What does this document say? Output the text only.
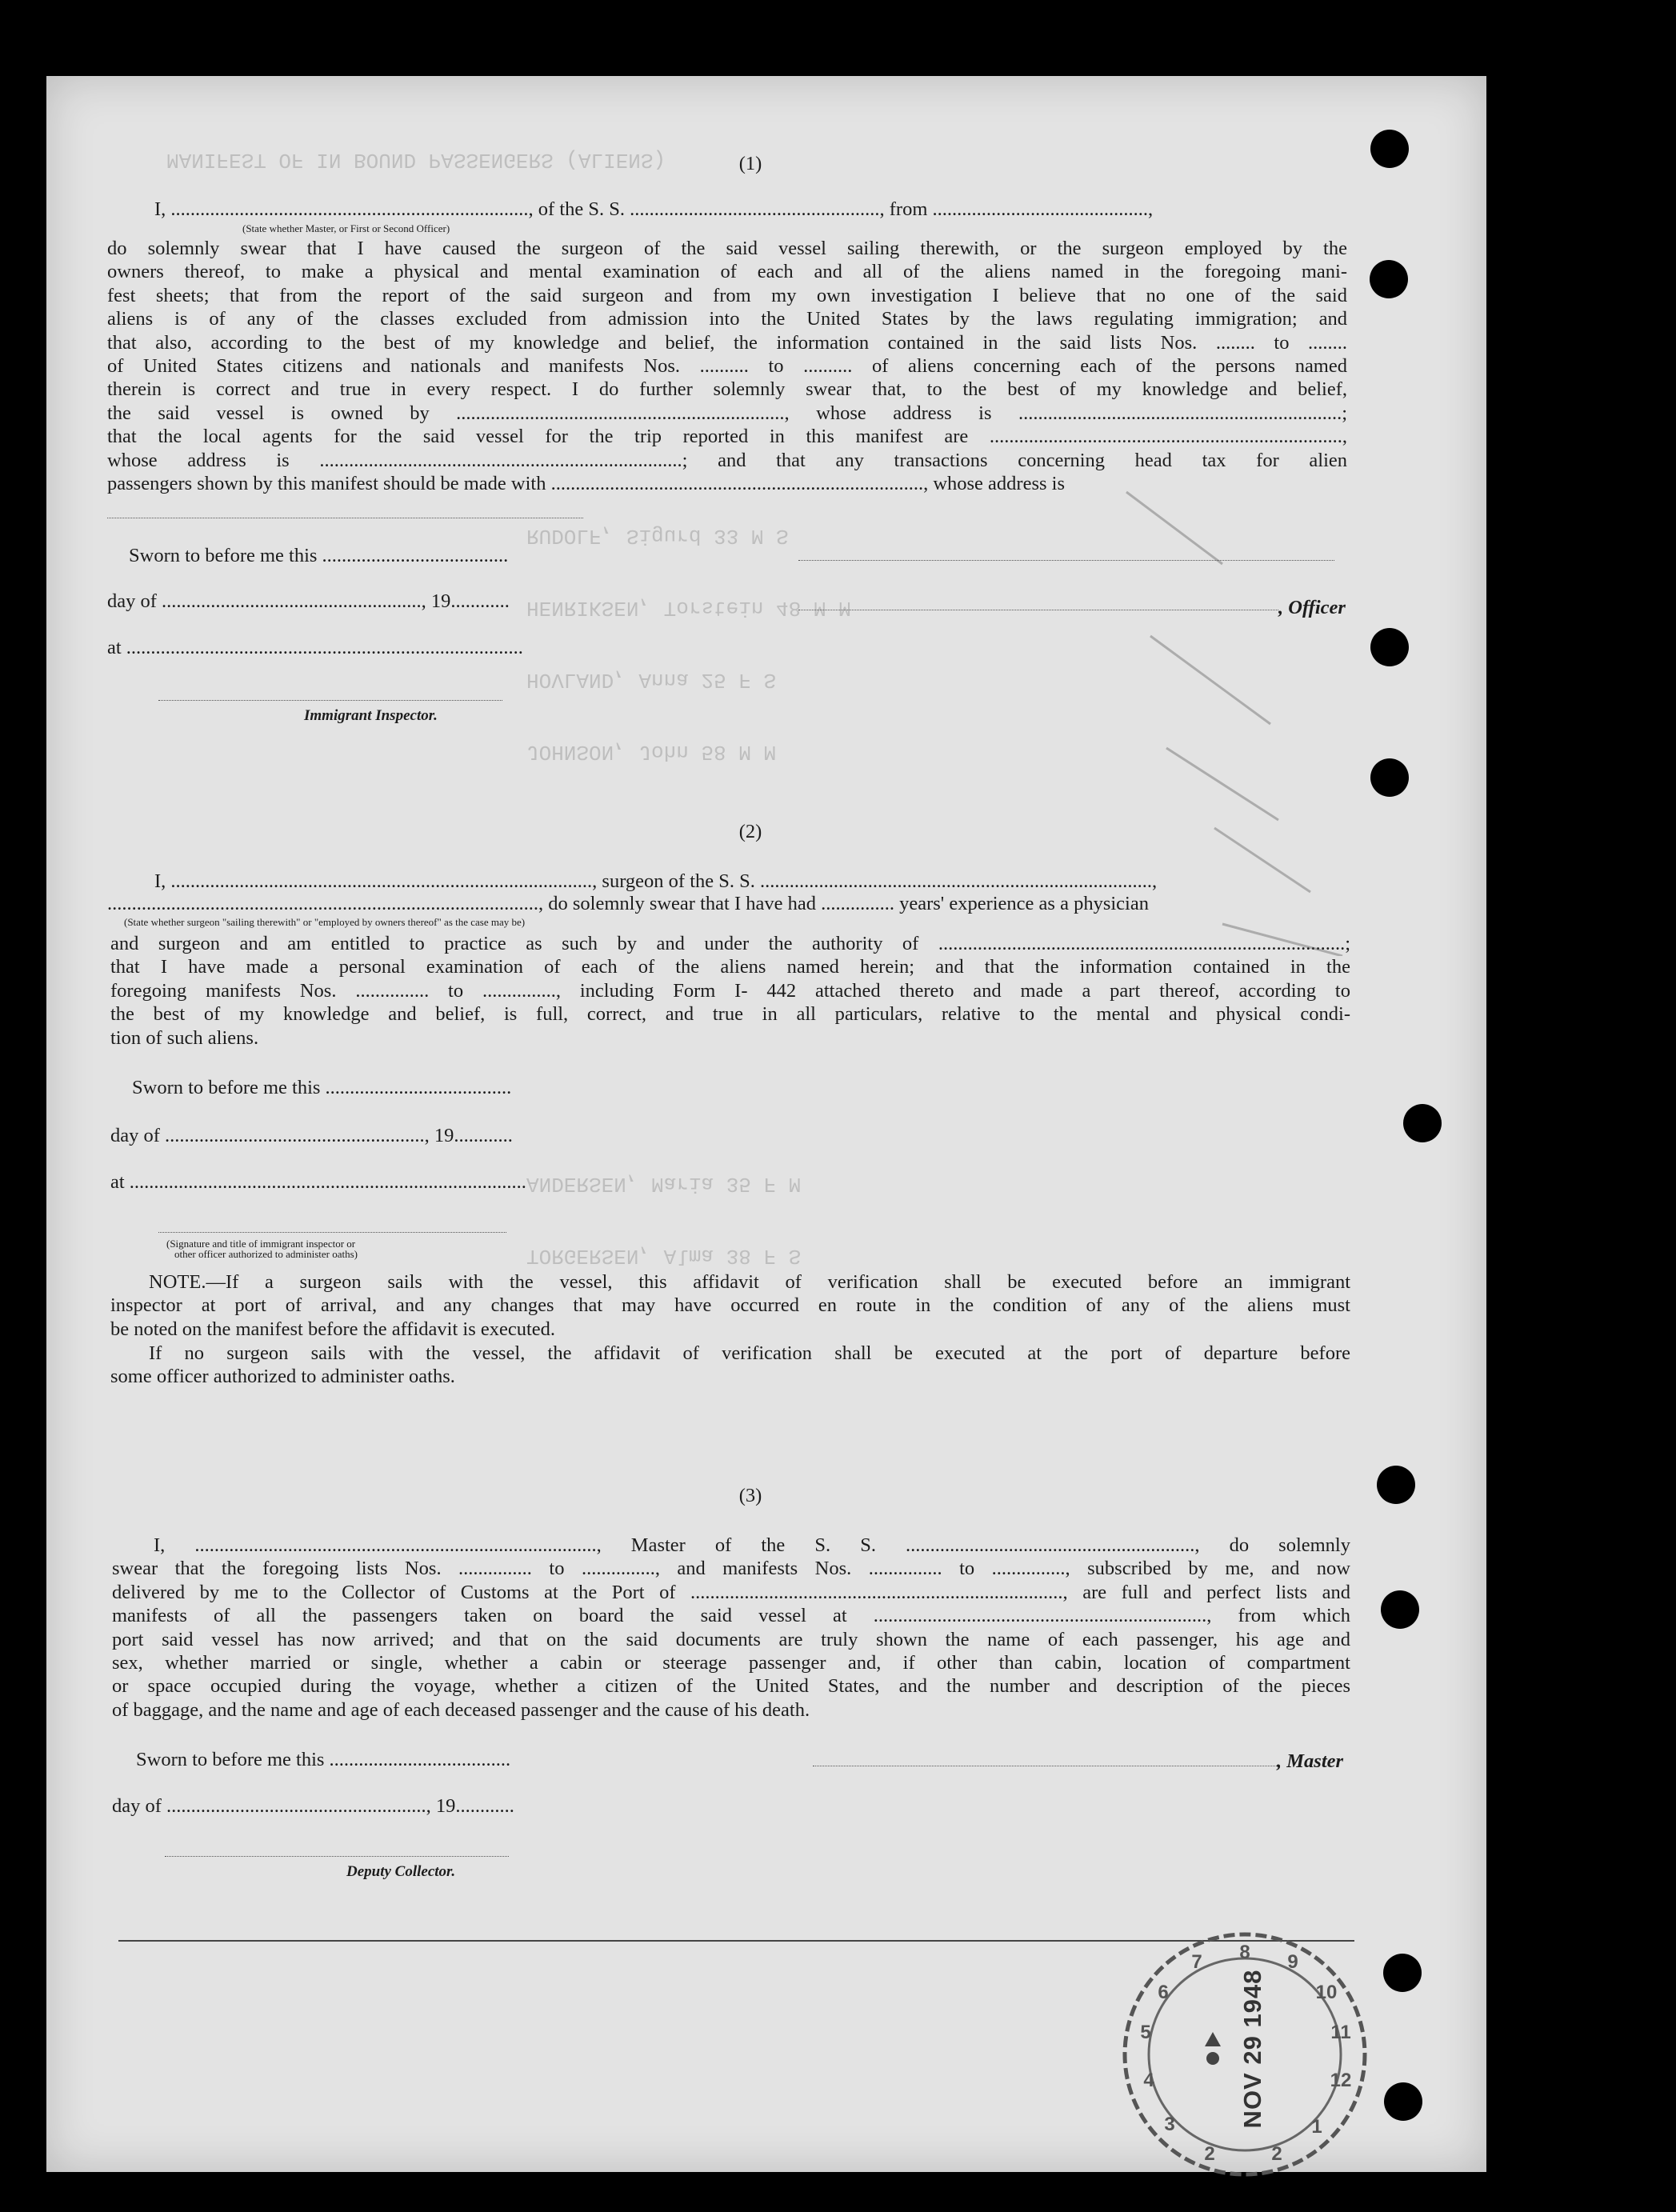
MANIFEST OF IN BOUND PASSENGERS (ALIENS)
RUDOLF, Sigurd 33 M S
HENRIKSEN, Torstein 48 M M
HOVLAND, Anna 25 F S
JOHNSON, John 58 M M
ANDERSEN, Maria 35 F M
TORGERSEN, Alma 38 F S
(1)
I, ........................................................................., of the S. S. ..................................................., from ............................................,
(State whether Master, or First or Second Officer)

do solemnly swear that I have caused the surgeon of the said vessel sailing therewith, or the surgeon employed by the

owners thereof, to make a physical and mental examination of each and all of the aliens named in the foregoing mani-

fest sheets; that from the report of the said surgeon and from my own investigation I believe that no one of the said

aliens is of any of the classes excluded from admission into the United States by the laws regulating immigration; and

that also, according to the best of my knowledge and belief, the information contained in the said lists Nos. ........ to ........

of United States citizens and nationals and manifests Nos. .......... to .......... of aliens concerning each of the persons named

therein is correct and true in every respect. I do further solemnly swear that, to the best of my knowledge and belief,

the said vessel is owned by ..................................................................., whose address is ..................................................................;

that the local agents for the said vessel for the trip reported in this manifest are ........................................................................,

whose address is ..........................................................................; and that any transactions concerning head tax for alien

passengers shown by this manifest should be made with ............................................................................, whose address is

Sworn to before me this ......................................
day of ....................................................., 19............	, Officer
at .................................................................................
Immigrant Inspector.
(2)
I, ......................................................................................, surgeon of the S. S. ................................................................................,
........................................................................................, do solemnly swear that I have had ............... years' experience as a physician
(State whether surgeon "sailing therewith" or "employed by owners thereof" as the case may be)

and surgeon and am entitled to practice as such by and under the authority of ...................................................................................;

that I have made a personal examination of each of the aliens named herein; and that the information contained in the

foregoing manifests Nos. ............... to ..............., including Form I- 442 attached thereto and made a part thereof, according to

the best of my knowledge and belief, is full, correct, and true in all particulars, relative to the mental and physical condi-

tion of such aliens.

Sworn to before me this ......................................
day of ....................................................., 19............
at .................................................................................
(Signature and title of immigrant inspector or
other officer authorized to administer oaths)

NOTE.—If a surgeon sails with the vessel, this affidavit of verification shall be executed before an immigrant

inspector at port of arrival, and any changes that may have occurred en route in the condition of any of the aliens must

be noted on the manifest before the affidavit is executed.

If no surgeon sails with the vessel, the affidavit of verification shall be executed at the port of departure before

some officer authorized to administer oaths.

(3)

I, .................................................................................., Master of the S. S. ..........................................................., do solemnly

swear that the foregoing lists Nos. ............... to ..............., and manifests Nos. ............... to ..............., subscribed by me, and now

delivered by me to the Collector of Customs at the Port of ............................................................................, are full and perfect lists and

manifests of all the passengers taken on board the said vessel at ...................................................................., from which

port said vessel has now arrived; and that on the said documents are truly shown the name of each passenger, his age and

sex, whether married or single, whether a cabin or steerage passenger and, if other than cabin, location of compartment

or space occupied during the voyage, whether a citizen of the United States, and the number and description of the pieces

of baggage, and the name and age of each deceased passenger and the cause of his death.

Sworn to before me this .....................................	, Master
day of ....................................................., 19............
Deputy Collector.
8 9
10
7
6
5
4
3
2
11
12
1
2
NOV 29 1948
